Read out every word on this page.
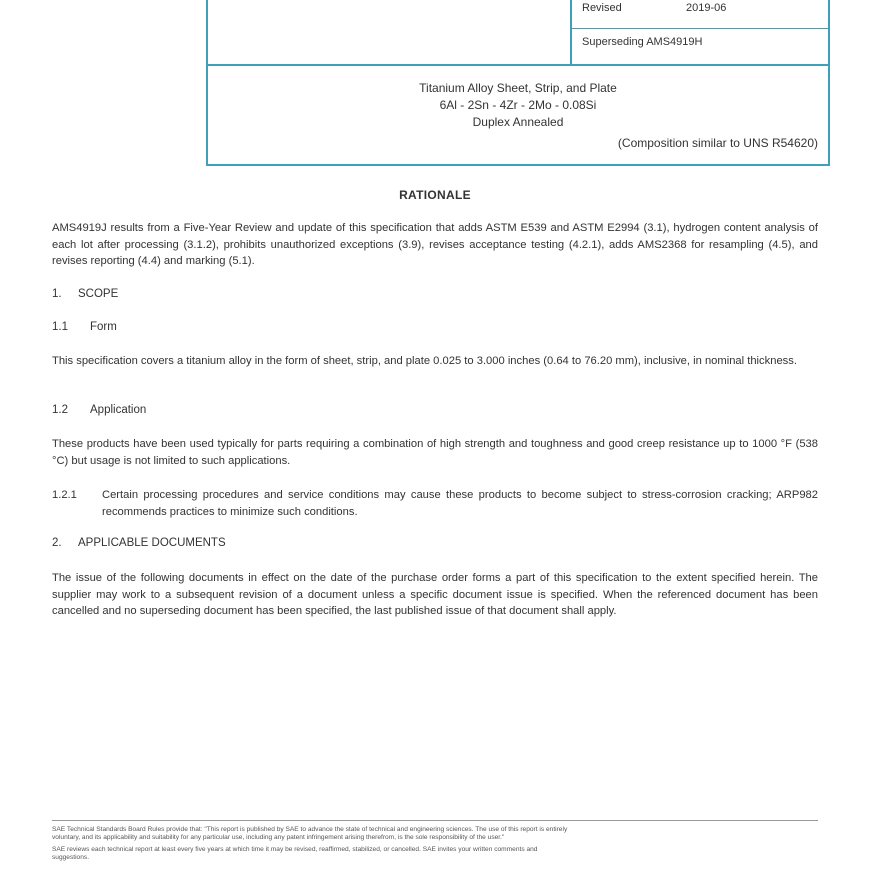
Revised	2019-06
Superseding AMS4919H
Titanium Alloy Sheet, Strip, and Plate
6Al - 2Sn - 4Zr - 2Mo - 0.08Si
Duplex Annealed
(Composition similar to UNS R54620)
RATIONALE
AMS4919J results from a Five-Year Review and update of this specification that adds ASTM E539 and ASTM E2994 (3.1), hydrogen content analysis of each lot after processing (3.1.2), prohibits unauthorized exceptions (3.9), revises acceptance testing (4.2.1), adds AMS2368 for resampling (4.5), and revises reporting (4.4) and marking (5.1).
1. SCOPE
1.1 Form
This specification covers a titanium alloy in the form of sheet, strip, and plate 0.025 to 3.000 inches (0.64 to 76.20 mm), inclusive, in nominal thickness.
1.2 Application
These products have been used typically for parts requiring a combination of high strength and toughness and good creep resistance up to 1000 °F (538 °C) but usage is not limited to such applications.
1.2.1 Certain processing procedures and service conditions may cause these products to become subject to stress-corrosion cracking; ARP982 recommends practices to minimize such conditions.
2. APPLICABLE DOCUMENTS
The issue of the following documents in effect on the date of the purchase order forms a part of this specification to the extent specified herein. The supplier may work to a subsequent revision of a document unless a specific document issue is specified. When the referenced document has been cancelled and no superseding document has been specified, the last published issue of that document shall apply.
SAE Technical Standards Board Rules provide that: "This report is published by SAE to advance the state of technical and engineering sciences. The use of this report is entirely
voluntary, and its applicability and suitability for any particular use, including any patent infringement arising therefrom, is the sole responsibility of the user."
SAE reviews each technical report at least every five years at which time it may be revised, reaffirmed, stabilized, or cancelled. SAE invites your written comments and
suggestions.
